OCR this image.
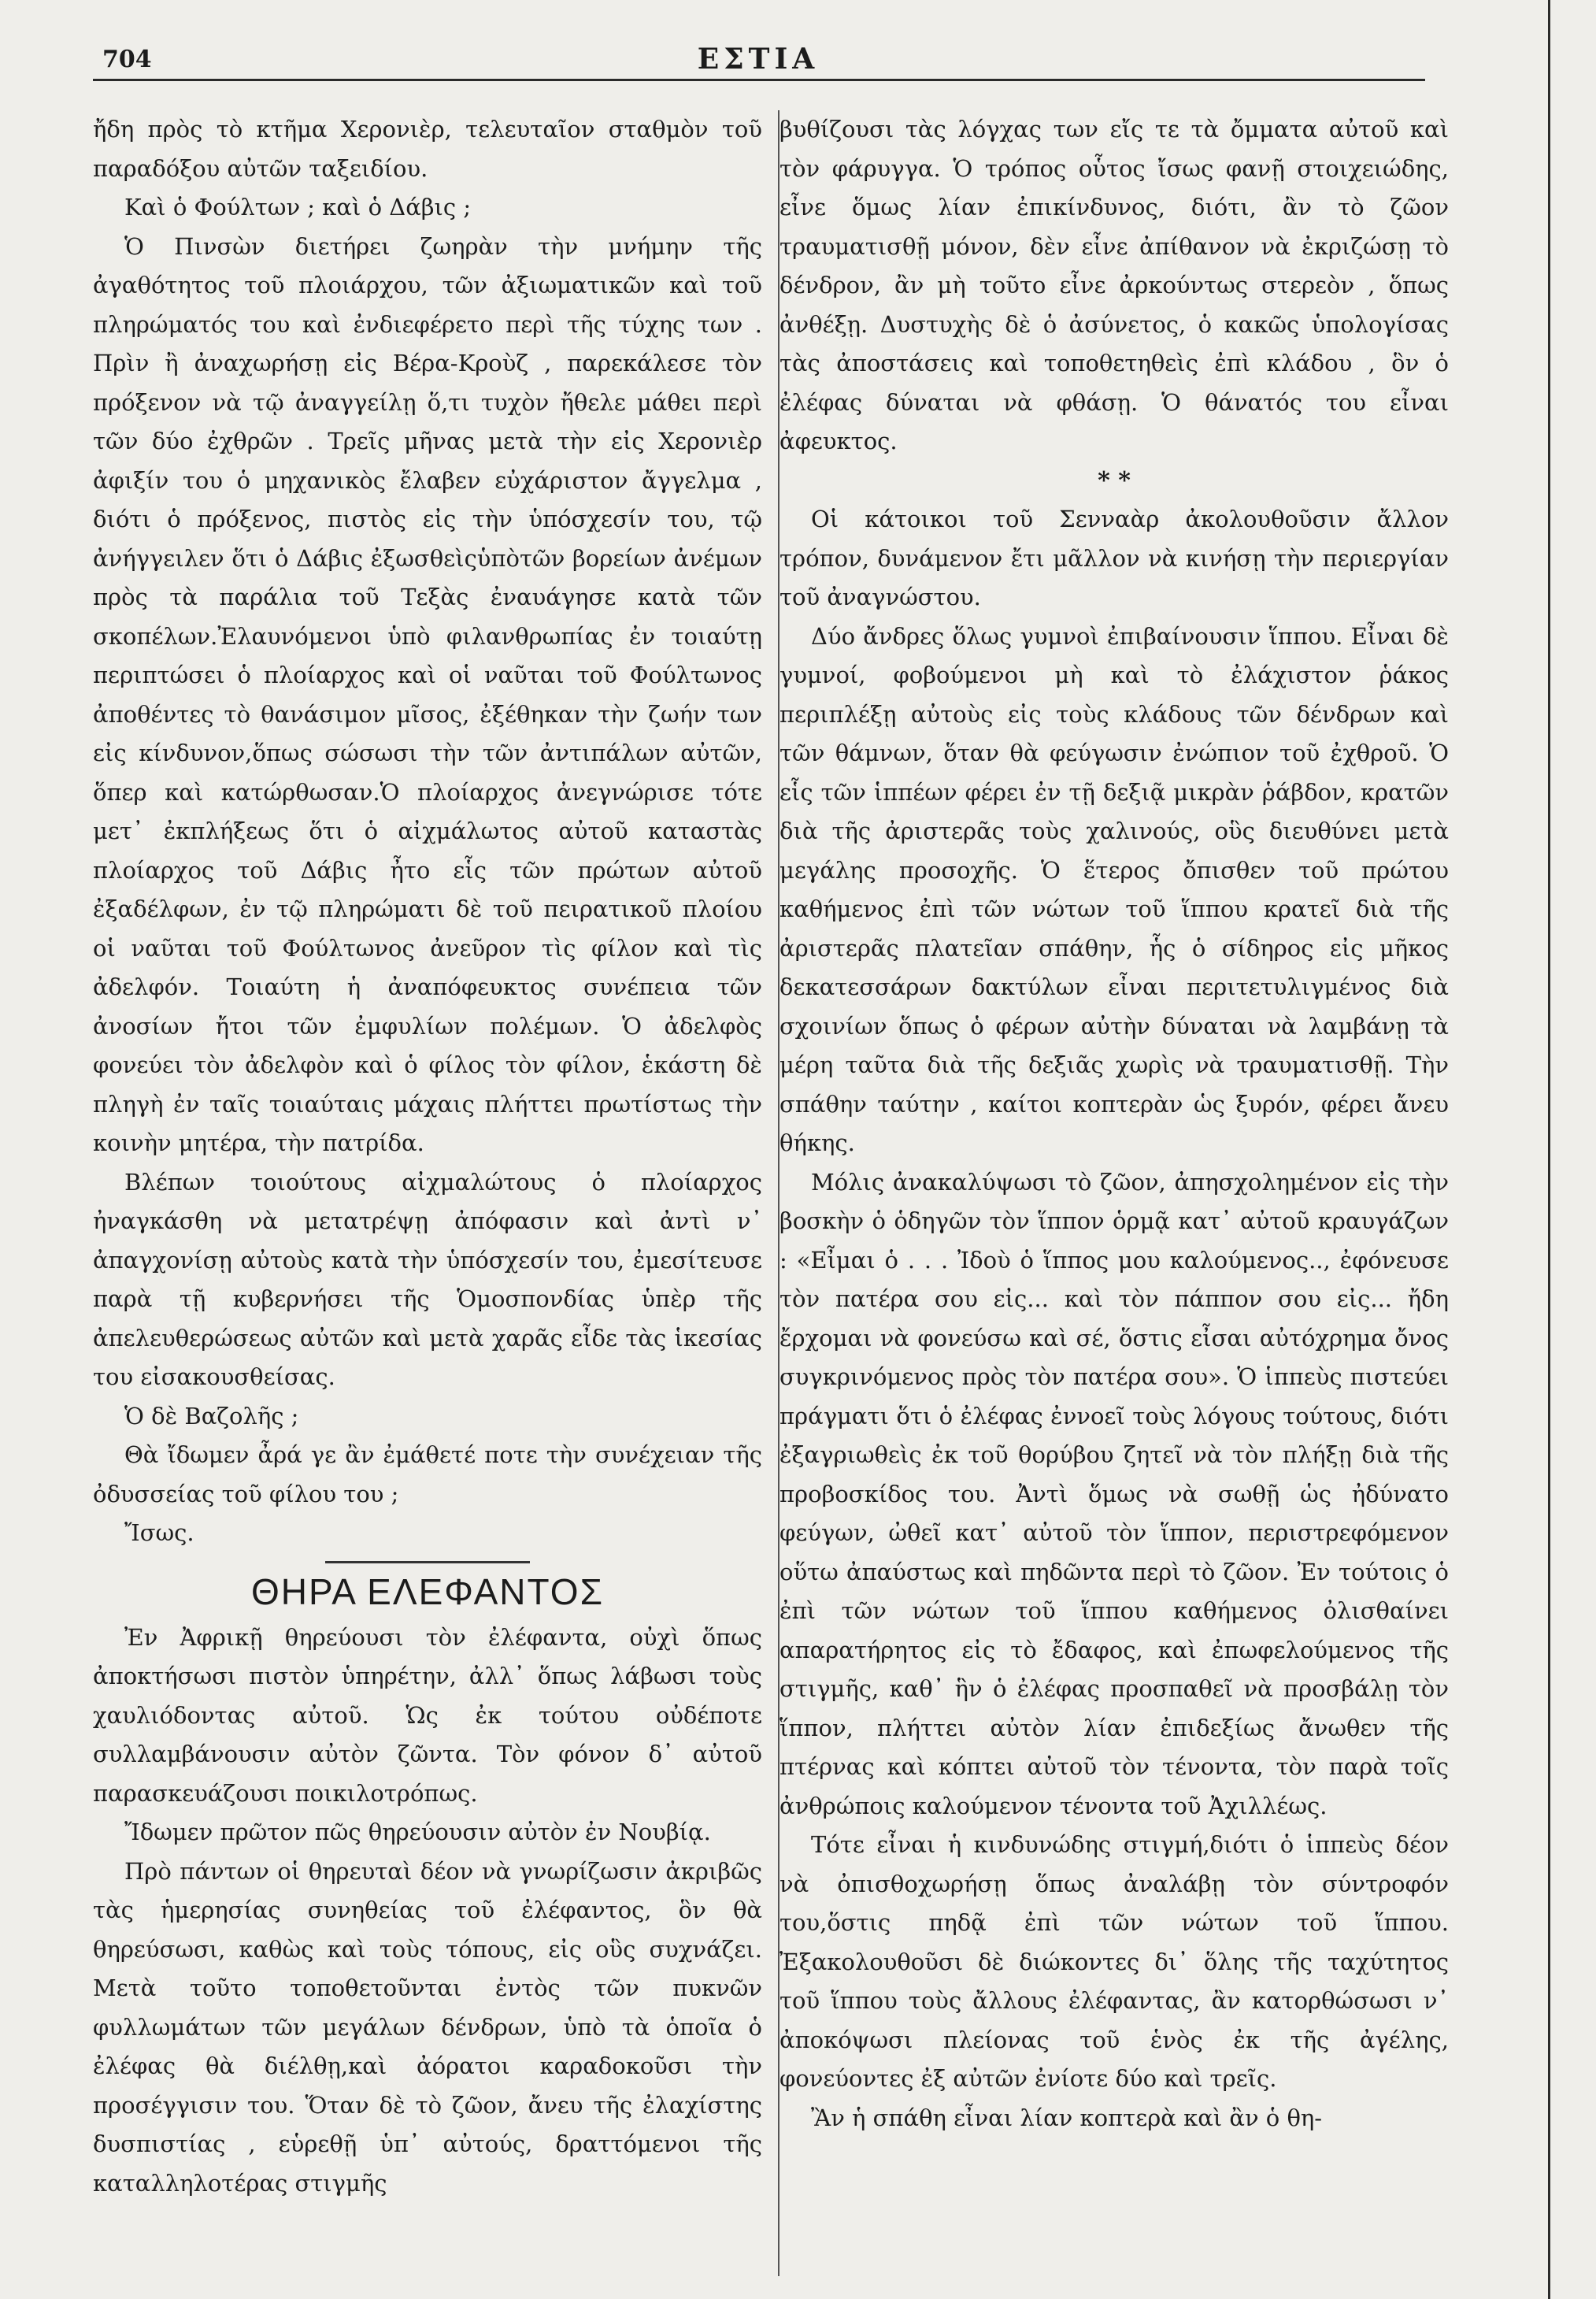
704	ΕΣΤΙΑ

ἤδη πρὸς τὸ κτῆμα Χερονιὲρ, τελευταῖον σταθμὸν τοῦ παραδόξου αὐτῶν ταξειδίου.

Καὶ ὁ Φούλτων ; καὶ ὁ Δάβις ;

Ὁ Πινσὼν διετήρει ζωηρὰν τὴν μνήμην τῆς ἀγαθότητος τοῦ πλοιάρχου, τῶν ἀξιωματικῶν καὶ τοῦ πληρώματός του καὶ ἐνδιεφέρετο περὶ τῆς τύχης των . Πρὶν ἢ ἀναχωρήσῃ εἰς Βέρα-Κροὺζ , παρεκάλεσε τὸν πρόξενον νὰ τῷ ἀναγγείλῃ ὅ,τι τυχὸν ἤθελε μάθει περὶ τῶν δύο ἐχθρῶν . Τρεῖς μῆνας μετὰ τὴν εἰς Χερονιὲρ ἀφιξίν του ὁ μηχανικὸς ἔλαβεν εὐχάριστον ἄγγελμα , διότι ὁ πρόξενος, πιστὸς εἰς τὴν ὑπόσχεσίν του, τῷ ἀνήγγειλεν ὅτι ὁ Δάβις ἐξωσθεὶςὑπὸτῶν βορείων ἀνέμων πρὸς τὰ παράλια τοῦ Τεξὰς ἐναυάγησε κατὰ τῶν σκοπέλων.Ἐλαυνόμενοι ὑπὸ φιλανθρωπίας ἐν τοιαύτῃ περιπτώσει ὁ πλοίαρχος καὶ οἱ ναῦται τοῦ Φούλτωνος ἀποθέντες τὸ θανάσιμον μῖσος, ἐξέθηκαν τὴν ζωήν των εἰς κίνδυνον,ὅπως σώσωσι τὴν τῶν ἀντιπάλων αὐτῶν, ὅπερ καὶ κατώρθωσαν.Ὁ πλοίαρχος ἀνεγνώρισε τότε μετ᾽ ἐκπλήξεως ὅτι ὁ αἰχμάλωτος αὐτοῦ καταστὰς πλοίαρχος τοῦ Δάβις ἦτο εἷς τῶν πρώτων αὐτοῦ ἐξαδέλφων, ἐν τῷ πληρώματι δὲ τοῦ πειρατικοῦ πλοίου οἱ ναῦται τοῦ Φούλτωνος ἀνεῦρον τὶς φίλον καὶ τὶς ἀδελφόν. Τοιαύτη ἡ ἀναπόφευκτος συνέπεια τῶν ἀνοσίων ἤτοι τῶν ἐμφυλίων πολέμων. Ὁ ἀδελφὸς φονεύει τὸν ἀδελφὸν καὶ ὁ φίλος τὸν φίλον, ἑκάστη δὲ πληγὴ ἐν ταῖς τοιαύταις μάχαις πλήττει πρωτίστως τὴν κοινὴν μητέρα, τὴν πατρίδα.

Βλέπων τοιούτους αἰχμαλώτους ὁ πλοίαρχος ἠναγκάσθη νὰ μετατρέψῃ ἀπόφασιν καὶ ἀντὶ ν᾽ ἀπαγχονίσῃ αὐτοὺς κατὰ τὴν ὑπόσχεσίν του, ἐμεσίτευσε παρὰ τῇ κυβερνήσει τῆς Ὁμοσπονδίας ὑπὲρ τῆς ἀπελευθερώσεως αὐτῶν καὶ μετὰ χαρᾶς εἶδε τὰς ἱκεσίας του εἰσακουσθείσας.

Ὁ δὲ Βαζολῆς ;

Θὰ ἴδωμεν ἆρά γε ἂν ἐμάθετέ ποτε τὴν συνέχειαν τῆς ὀδυσσείας τοῦ φίλου του ;

Ἴσως.

ΘΗΡΑ ΕΛΕΦΑΝΤΟΣ

Ἐν Ἀφρικῇ θηρεύουσι τὸν ἐλέφαντα, οὐχὶ ὅπως ἀποκτήσωσι πιστὸν ὑπηρέτην, ἀλλ᾽ ὅπως λάβωσι τοὺς χαυλιόδοντας αὐτοῦ. Ὡς ἐκ τούτου οὐδέποτε συλλαμβάνουσιν αὐτὸν ζῶντα. Τὸν φόνον δ᾽ αὐτοῦ παρασκευάζουσι ποικιλοτρόπως.

Ἴδωμεν πρῶτον πῶς θηρεύουσιν αὐτὸν ἐν Νουβίᾳ.

Πρὸ πάντων οἱ θηρευταὶ δέον νὰ γνωρίζωσιν ἀκριβῶς τὰς ἡμερησίας συνηθείας τοῦ ἐλέφαντος, ὃν θὰ θηρεύσωσι, καθὼς καὶ τοὺς τόπους, εἰς οὓς συχνάζει. Μετὰ τοῦτο τοποθετοῦνται ἐντὸς τῶν πυκνῶν φυλλωμάτων τῶν μεγάλων δένδρων, ὑπὸ τὰ ὁποῖα ὁ ἐλέφας θὰ διέλθῃ,καὶ ἀόρατοι καραδοκοῦσι τὴν προσέγγισιν του. Ὅταν δὲ τὸ ζῶον, ἄνευ τῆς ἐλαχίστης δυσπιστίας , εὑρεθῇ ὑπ᾽ αὐτούς, δραττόμενοι τῆς καταλληλοτέρας στιγμῆς

βυθίζουσι τὰς λόγχας των εἴς τε τὰ ὄμματα αὐτοῦ καὶ τὸν φάρυγγα. Ὁ τρόπος οὗτος ἴσως φανῇ στοιχειώδης, εἶνε ὅμως λίαν ἐπικίνδυνος, διότι, ἂν τὸ ζῶον τραυματισθῇ μόνον, δὲν εἶνε ἀπίθανον νὰ ἐκριζώσῃ τὸ δένδρον, ἂν μὴ τοῦτο εἶνε ἀρκούντως στερεὸν , ὅπως ἀνθέξῃ. Δυστυχὴς δὲ ὁ ἀσύνετος, ὁ κακῶς ὑπολογίσας τὰς ἀποστάσεις καὶ τοποθετηθεὶς ἐπὶ κλάδου , ὃν ὁ ἐλέφας δύναται νὰ φθάσῃ. Ὁ θάνατός του εἶναι ἀφευκτος.

* *

Οἱ κάτοικοι τοῦ Σενναὰρ ἀκολουθοῦσιν ἄλλον τρόπον, δυνάμενον ἔτι μᾶλλον νὰ κινήσῃ τὴν περιεργίαν τοῦ ἀναγνώστου.

Δύο ἄνδρες ὅλως γυμνοὶ ἐπιβαίνουσιν ἵππου. Εἶναι δὲ γυμνοί, φοβούμενοι μὴ καὶ τὸ ἐλάχιστον ῥάκος περιπλέξῃ αὐτοὺς εἰς τοὺς κλάδους τῶν δένδρων καὶ τῶν θάμνων, ὅταν θὰ φεύγωσιν ἐνώπιον τοῦ ἐχθροῦ. Ὁ εἷς τῶν ἱππέων φέρει ἐν τῇ δεξιᾷ μικρὰν ῥάβδον, κρατῶν διὰ τῆς ἀριστερᾶς τοὺς χαλινούς, οὓς διευθύνει μετὰ μεγάλης προσοχῆς. Ὁ ἕτερος ὄπισθεν τοῦ πρώτου καθήμενος ἐπὶ τῶν νώτων τοῦ ἵππου κρατεῖ διὰ τῆς ἀριστερᾶς πλατεῖαν σπάθην, ἧς ὁ σίδηρος εἰς μῆκος δεκατεσσάρων δακτύλων εἶναι περιτετυλιγμένος διὰ σχοινίων ὅπως ὁ φέρων αὐτὴν δύναται νὰ λαμβάνῃ τὰ μέρη ταῦτα διὰ τῆς δεξιᾶς χωρὶς νὰ τραυματισθῇ. Τὴν σπάθην ταύτην , καίτοι κοπτερὰν ὡς ξυρόν, φέρει ἄνευ θήκης.

Μόλις ἀνακαλύψωσι τὸ ζῶον, ἀπησχολημένον εἰς τὴν βοσκὴν ὁ ὁδηγῶν τὸν ἵππον ὁρμᾷ κατ᾽ αὐτοῦ κραυγάζων : «Εἶμαι ὁ . . . Ἰδοὺ ὁ ἵππος μου καλούμενος.., ἐφόνευσε τὸν πατέρα σου εἰς... καὶ τὸν πάππον σου εἰς... ἤδη ἔρχομαι νὰ φονεύσω καὶ σέ, ὅστις εἶσαι αὐτόχρημα ὄνος συγκρινόμενος πρὸς τὸν πατέρα σου». Ὁ ἱππεὺς πιστεύει πράγματι ὅτι ὁ ἐλέφας ἐννοεῖ τοὺς λόγους τούτους, διότι ἐξαγριωθεὶς ἐκ τοῦ θορύβου ζητεῖ νὰ τὸν πλήξῃ διὰ τῆς προβοσκίδος του. Ἀντὶ ὅμως νὰ σωθῇ ὡς ἠδύνατο φεύγων, ὠθεῖ κατ᾽ αὐτοῦ τὸν ἵππον, περιστρεφόμενον οὕτω ἀπαύστως καὶ πηδῶντα περὶ τὸ ζῶον. Ἐν τούτοις ὁ ἐπὶ τῶν νώτων τοῦ ἵππου καθήμενος ὀλισθαίνει απαρατήρητος εἰς τὸ ἔδαφος, καὶ ἐπωφελούμενος τῆς στιγμῆς, καθ᾽ ἣν ὁ ἐλέφας προσπαθεῖ νὰ προσβάλῃ τὸν ἵππον, πλήττει αὐτὸν λίαν ἐπιδεξίως ἄνωθεν τῆς πτέρνας καὶ κόπτει αὐτοῦ τὸν τένοντα, τὸν παρὰ τοῖς ἀνθρώποις καλούμενον τένοντα τοῦ Ἀχιλλέως.

Τότε εἶναι ἡ κινδυνώδης στιγμή,διότι ὁ ἱππεὺς δέον νὰ ὀπισθοχωρήσῃ ὅπως ἀναλάβῃ τὸν σύντροφόν του,ὅστις πηδᾷ ἐπὶ τῶν νώτων τοῦ ἵππου. Ἐξακολουθοῦσι δὲ διώκοντες δι᾽ ὅλης τῆς ταχύτητος τοῦ ἵππου τοὺς ἄλλους ἐλέφαντας, ἂν κατορθώσωσι ν᾽ ἀποκόψωσι πλείονας τοῦ ἑνὸς ἐκ τῆς ἀγέλης, φονεύοντες ἐξ αὐτῶν ἐνίοτε δύο καὶ τρεῖς.

Ἂν ἡ σπάθη εἶναι λίαν κοπτερὰ καὶ ἂν ὁ θη-
